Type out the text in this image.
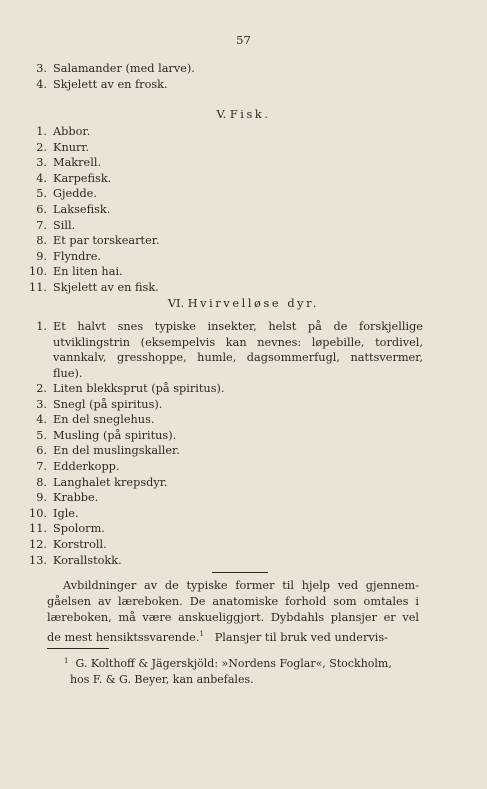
57
3. Salamander (med larve).
4. Skjelett av en frosk.
V. Fisk.
1. Abbor.
2. Knurr.
3. Makrell.
4. Karpefisk.
5. Gjedde.
6. Laksefisk.
7. Sill.
8. Et par torskearter.
9. Flyndre.
10. En liten hai.
11. Skjelett av en fisk.
VI. Hvirvelløse dyr.
1. Et halvt snes typiske insekter, helst på de forskjellige
utviklingstrin (eksempelvis kan nevnes: løpebille, tordivel,
vannkalv, gresshoppe, humle, dagsommerfugl, nattsvermer,
flue).
2. Liten blekksprut (på spiritus).
3. Snegl (på spiritus).
4. En del sneglehus.
5. Musling (på spiritus).
6. En del muslingskaller.
7. Edderkopp.
8. Langhalet krepsdyr.
9. Krabbe.
10. Igle.
11. Spolorm.
12. Korstroll.
13. Korallstokk.

Avbildninger av de typiske former til hjelp ved gjennem-
gåelsen av læreboken. De anatomiske forhold som omtales i
læreboken, må være anskueliggjort. Dybdahls plansjer er vel
de mest hensiktssvarende.$^1$ Plansjer til bruk ved undervis-

$^1$ G. Kolthoff & Jägerskjöld: »Nordens Foglar«, Stockholm,
hos F. & G. Beyer, kan anbefales.
